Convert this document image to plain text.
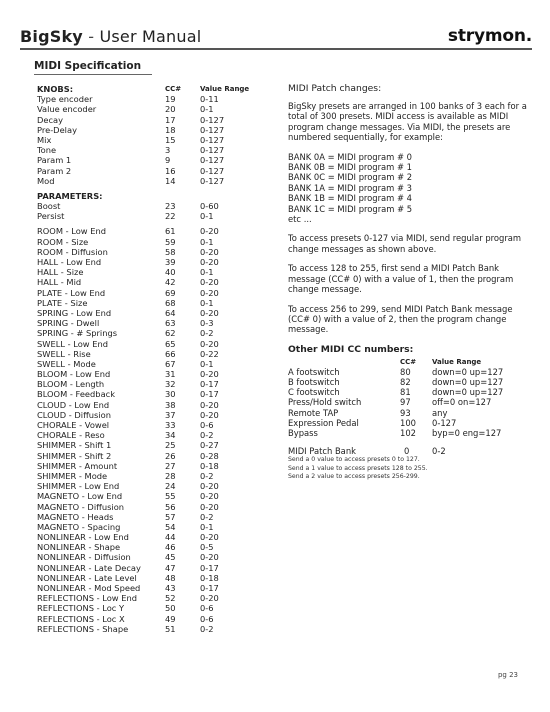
BigSky - User Manual	strymon.
MIDI Specification
KNOBS:	CC#	Value Range
Type encoder	19	0-11
Value encoder	20	0-1
Decay	17	0-127
Pre-Delay	18	0-127
Mix	15	0-127
Tone	3	0-127
Param 1	9	0-127
Param 2	16	0-127
Mod	14	0-127
PARAMETERS:
Boost	23	0-60
Persist	22	0-1
ROOM - Low End	61	0-20
ROOM - Size	59	0-1
ROOM - Diffusion	58	0-20
HALL - Low End	39	0-20
HALL - Size	40	0-1
HALL - Mid	42	0-20
PLATE - Low End	69	0-20
PLATE - Size	68	0-1
SPRING - Low End	64	0-20
SPRING - Dwell	63	0-3
SPRING - # Springs	62	0-2
SWELL - Low End	65	0-20
SWELL - Rise	66	0-22
SWELL - Mode	67	0-1
BLOOM - Low End	31	0-20
BLOOM - Length	32	0-17
BLOOM - Feedback	30	0-17
CLOUD - Low End	38	0-20
CLOUD - Diffusion	37	0-20
CHORALE - Vowel	33	0-6
CHORALE - Reso	34	0-2
SHIMMER - Shift 1	25	0-27
SHIMMER - Shift 2	26	0-28
SHIMMER - Amount	27	0-18
SHIMMER - Mode	28	0-2
SHIMMER - Low End	24	0-20
MAGNETO - Low End	55	0-20
MAGNETO - Diffusion	56	0-20
MAGNETO - Heads	57	0-2
MAGNETO - Spacing	54	0-1
NONLINEAR - Low End	44	0-20
NONLINEAR - Shape	46	0-5
NONLINEAR - Diffusion	45	0-20
NONLINEAR - Late Decay	47	0-17
NONLINEAR - Late Level	48	0-18
NONLINEAR - Mod Speed	43	0-17
REFLECTIONS - Low End	52	0-20
REFLECTIONS - Loc Y	50	0-6
REFLECTIONS - Loc X	49	0-6
REFLECTIONS - Shape	51	0-2
MIDI Patch changes:
BigSky presets are arranged in 100 banks of 3 each for a total of 300 presets. MIDI access is available as MIDI program change messages. Via MIDI, the presets are numbered sequentially, for example:
BANK 0A = MIDI program # 0
BANK 0B = MIDI program # 1
BANK 0C = MIDI program # 2
BANK 1A = MIDI program # 3
BANK 1B = MIDI program # 4
BANK 1C = MIDI program # 5
etc ...
To access presets 0-127 via MIDI, send regular program change messages as shown above.
To access 128 to 255, first send a MIDI Patch Bank message (CC# 0) with a value of 1, then the program change message.
To access 256 to 299, send MIDI Patch Bank message (CC# 0) with a value of 2, then the program change message.
Other MIDI CC numbers:
CC# Value Range
A footswitch	80	down=0 up=127
B footswitch	82	down=0 up=127
C footswitch	81	down=0 up=127
Press/Hold switch	97	off=0 on=127
Remote TAP	93	any
Expression Pedal	100 0-127
Bypass	102 byp=0 eng=127
MIDI Patch Bank	0	0-2
Send a 0 value to access presets 0 to 127.
Send a 1 value to access presets 128 to 255.
Send a 2 value to access presets 256-299.
pg 23
